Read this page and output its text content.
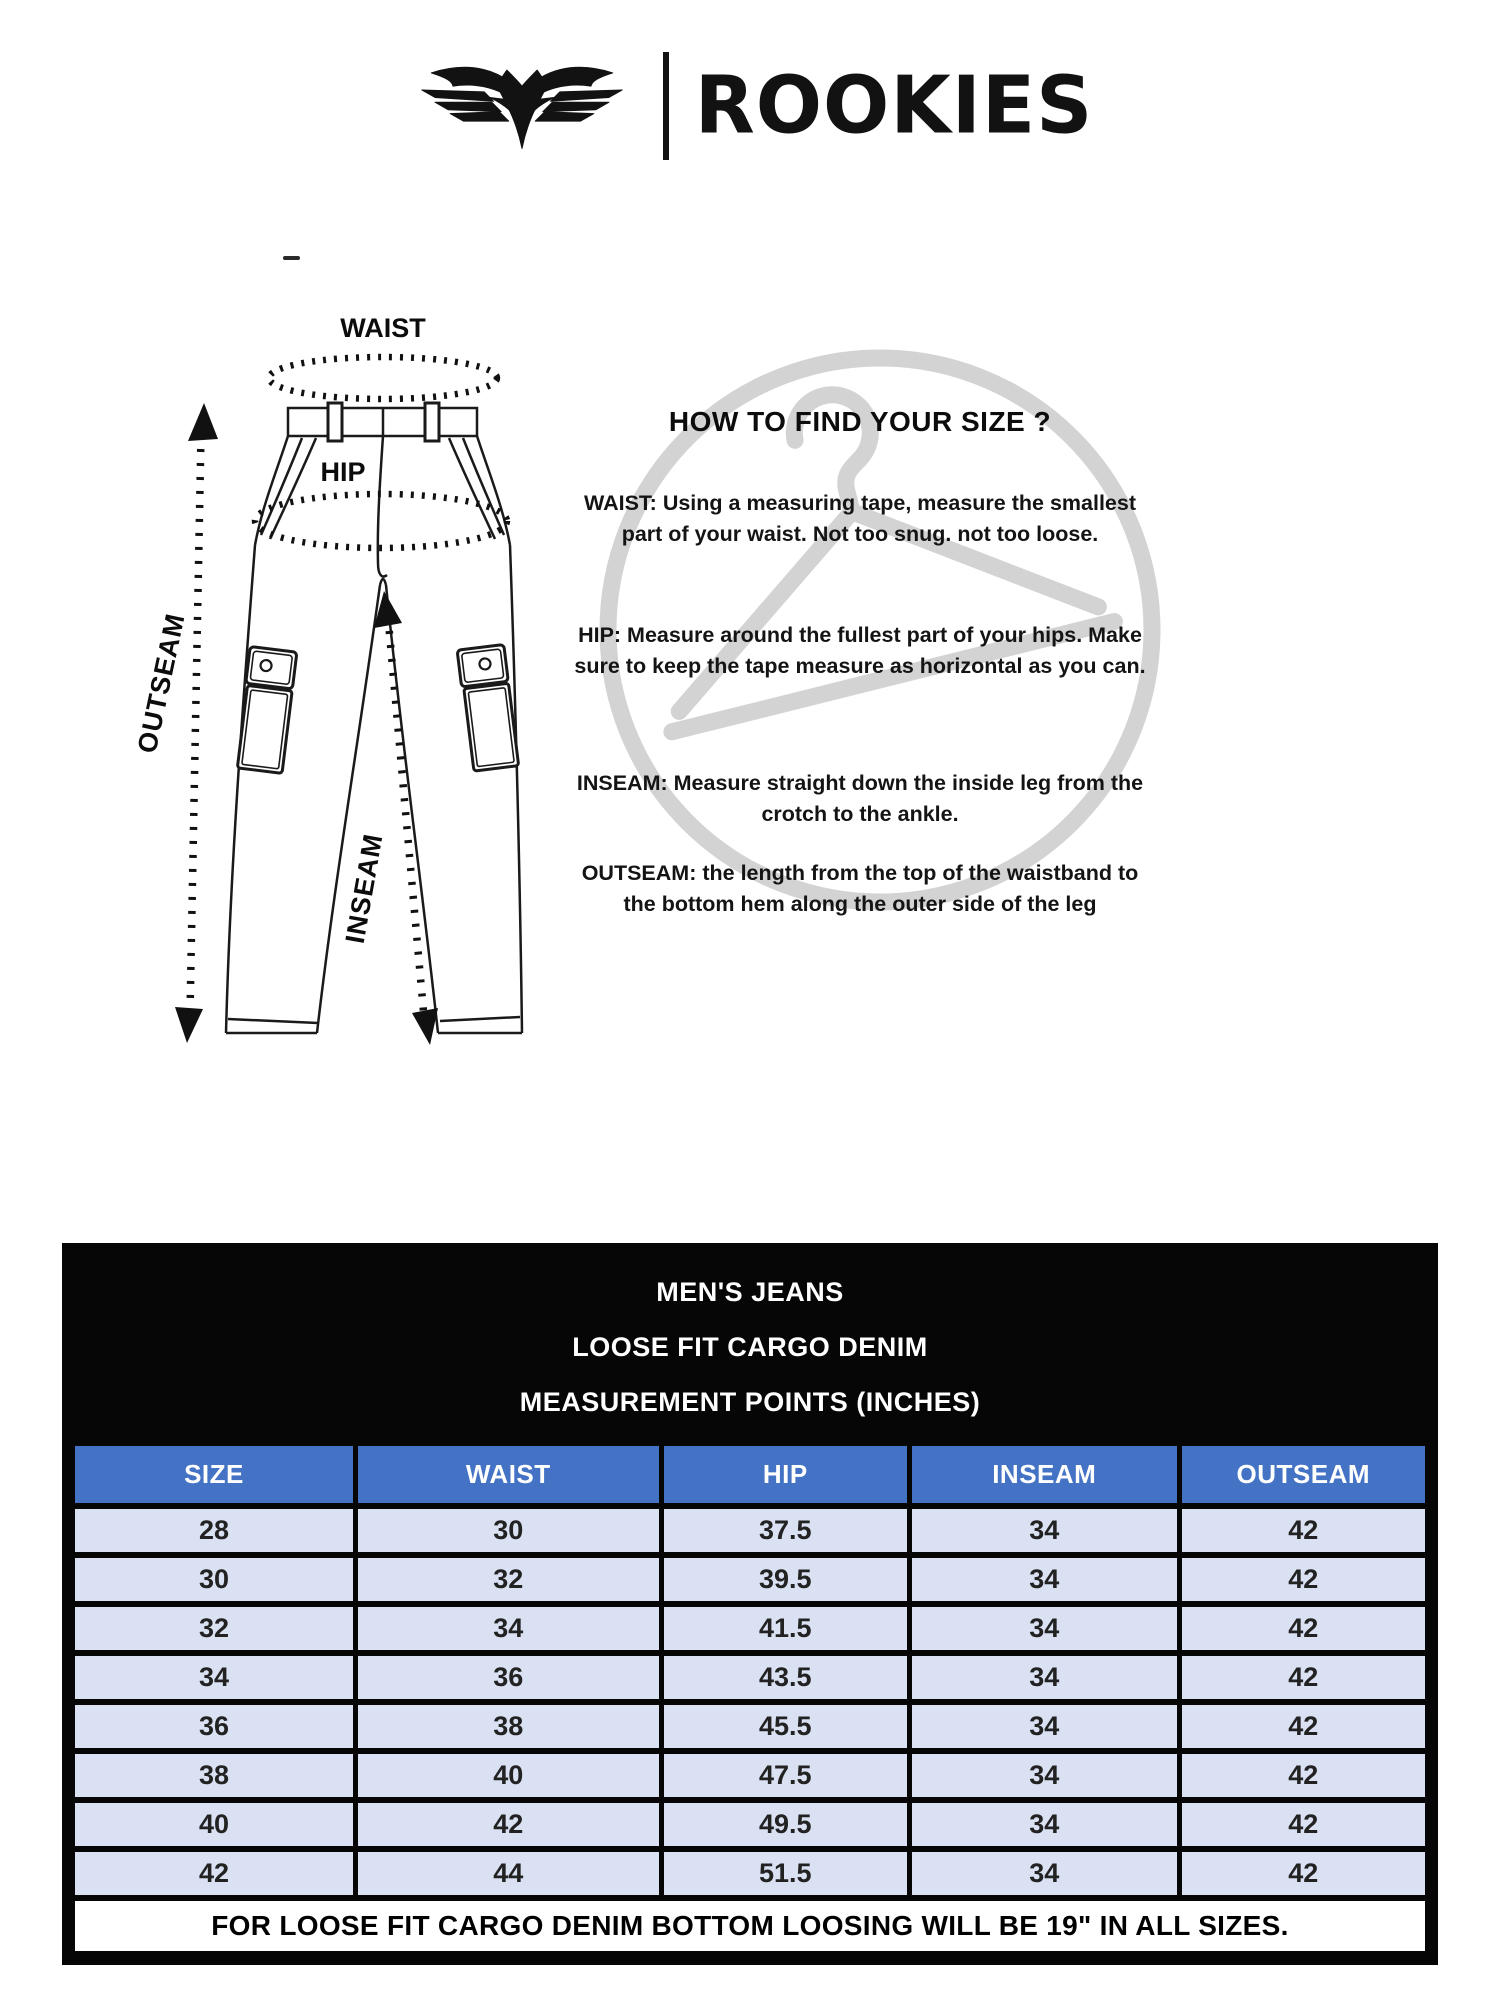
ROOKIES
WAIST
HIP
OUTSEAM
INSEAM
HOW TO FIND YOUR SIZE ?
WAIST: Using a measuring tape, measure the smallest part of your waist. Not too snug. not too loose.
HIP: Measure around the fullest part of your hips. Make sure to keep the tape measure as horizontal as you can.
INSEAM: Measure straight down the inside leg from the crotch to the ankle.
OUTSEAM: the length from the top of the waistband to the bottom hem along the outer side of the leg
MEN'S JEANS
LOOSE FIT CARGO DENIM
MEASUREMENT POINTS (INCHES)
SIZE	WAIST	HIP	INSEAM	OUTSEAM
28	30	37.5	34	42
30	32	39.5	34	42
32	34	41.5	34	42
34	36	43.5	34	42
36	38	45.5	34	42
38	40	47.5	34	42
40	42	49.5	34	42
42	44	51.5	34	42
FOR LOOSE FIT CARGO DENIM BOTTOM LOOSING WILL BE 19" IN ALL SIZES.				
